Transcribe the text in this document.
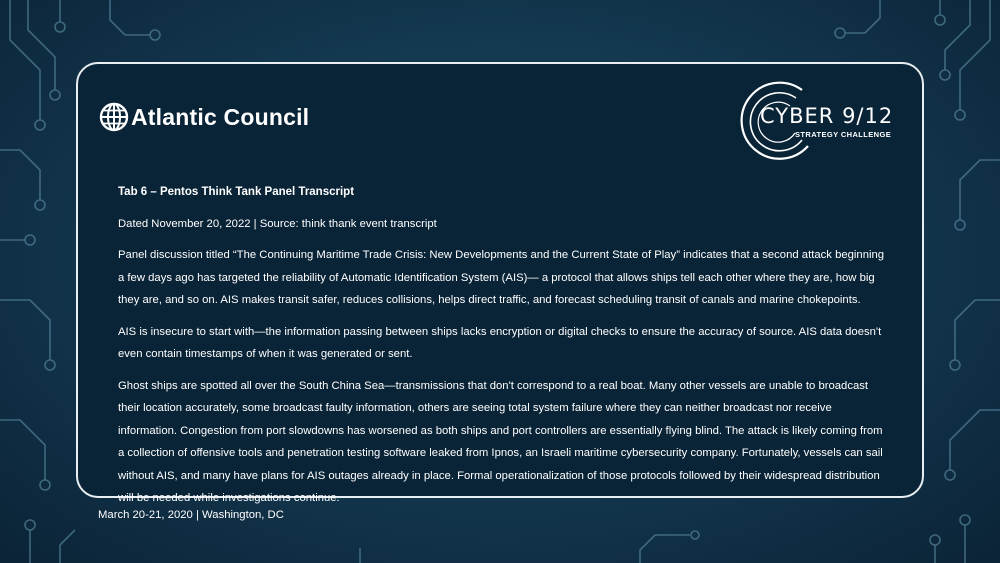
Atlantic Council	CYBER 9/12
STRATEGY CHALLENGE
Tab 6 – Pentos Think Tank Panel Transcript

Dated November 20, 2022 | Source: think thank event transcript

Panel discussion titled “The Continuing Maritime Trade Crisis: New Developments and the Current State of Play” indicates that a second attack beginning a few days ago has targeted the reliability of Automatic Identification System (AIS)— a protocol that allows ships tell each other where they are, how big they are, and so on. AIS makes transit safer, reduces collisions, helps direct traffic, and forecast scheduling transit of canals and marine chokepoints.

AIS is insecure to start with—the information passing between ships lacks encryption or digital checks to ensure the accuracy of source. AIS data doesn't even contain timestamps of when it was generated or sent.

Ghost ships are spotted all over the South China Sea—transmissions that don't correspond to a real boat. Many other vessels are unable to broadcast their location accurately, some broadcast faulty information, others are seeing total system failure where they can neither broadcast nor receive information. Congestion from port slowdowns has worsened as both ships and port controllers are essentially flying blind. The attack is likely coming from a collection of offensive tools and penetration testing software leaked from Ipnos, an Israeli maritime cybersecurity company. Fortunately, vessels can sail without AIS, and many have plans for AIS outages already in place. Formal operationalization of those protocols followed by their widespread distribution will be needed while investigations continue.

March 20-21, 2020 | Washington, DC
